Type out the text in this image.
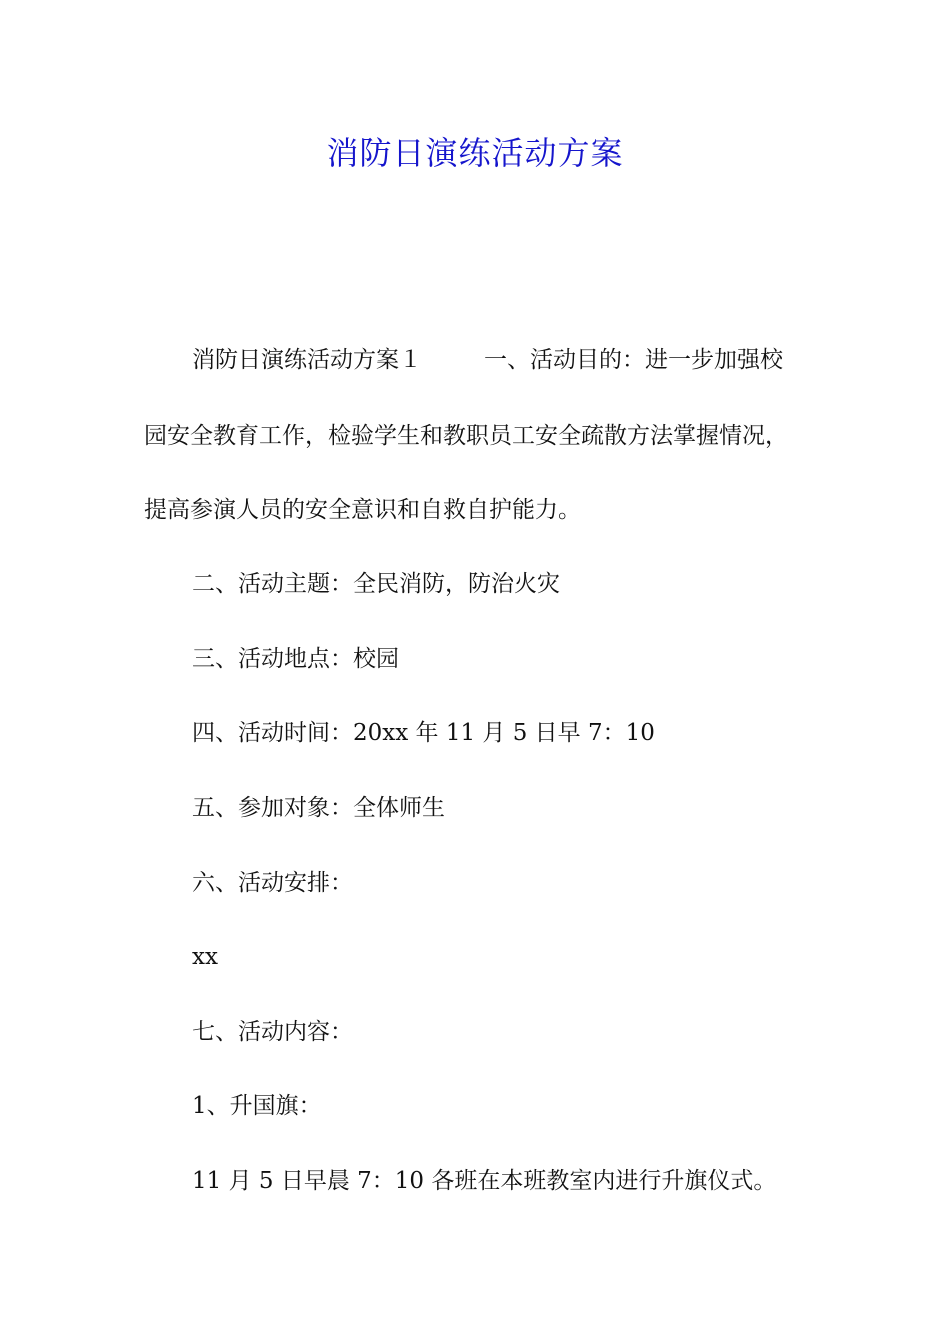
消防日演练活动方案
消防日演练活动方案１	一、活动目的：进一步加强校
园安全教育工作，检验学生和教职员工安全疏散方法掌握情况，
提高参演人员的安全意识和自救自护能力。
二、活动主题：全民消防，防治火灾
三、活动地点：校园
四、活动时间：20xx 年 11 月 5 日早 7：10
五、参加对象：全体师生
六、活动安排：
xx
七、活动内容：
1、升国旗：
11 月 5 日早晨 7：10 各班在本班教室内进行升旗仪式。
